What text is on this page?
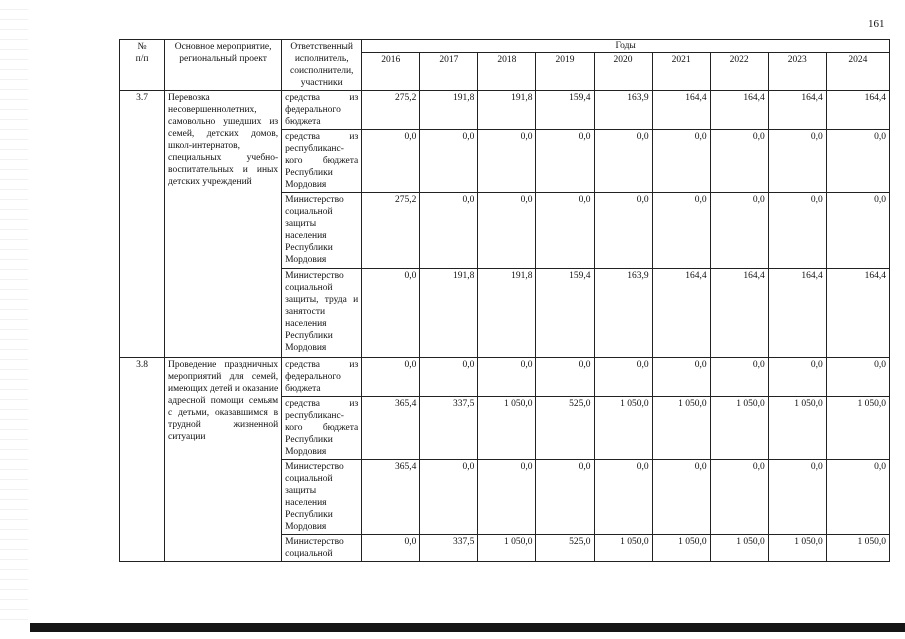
161
№
п/п	Основное мероприятие, региональный проект	Ответственный исполнитель, соисполнители, участники	Годы								
			2016	2017	2018	2019	2020	2021	2022	2023	2024
3.7	Перевозка несовершеннолетних, самовольно ушедших из семей, детских домов, школ-интернатов, специальных учебно-воспитательных и иных детских учреждений	средства из федерального бюджета	275,2	191,8	191,8	159,4	163,9	164,4	164,4	164,4	164,4
		средства из республиканс-кого бюджета Республики Мордовия	0,0	0,0	0,0	0,0	0,0	0,0	0,0	0,0	0,0
		Министерство социальной защиты населения Республики Мордовия	275,2	0,0	0,0	0,0	0,0	0,0	0,0	0,0	0,0
		Министерство социальной защиты, труда и занятости населения Республики Мордовия	0,0	191,8	191,8	159,4	163,9	164,4	164,4	164,4	164,4
3.8	Проведение праздничных мероприятий для семей, имеющих детей и оказание адресной помощи семьям с детьми, оказавшимся в трудной жизненной ситуации	средства из федерального бюджета	0,0	0,0	0,0	0,0	0,0	0,0	0,0	0,0	0,0
		средства из республиканс-кого бюджета Республики Мордовия	365,4	337,5	1 050,0	525,0	1 050,0	1 050,0	1 050,0	1 050,0	1 050,0
		Министерство социальной защиты населения Республики Мордовия	365,4	0,0	0,0	0,0	0,0	0,0	0,0	0,0	0,0
		Министерство социальной	0,0	337,5	1 050,0	525,0	1 050,0	1 050,0	1 050,0	1 050,0	1 050,0
